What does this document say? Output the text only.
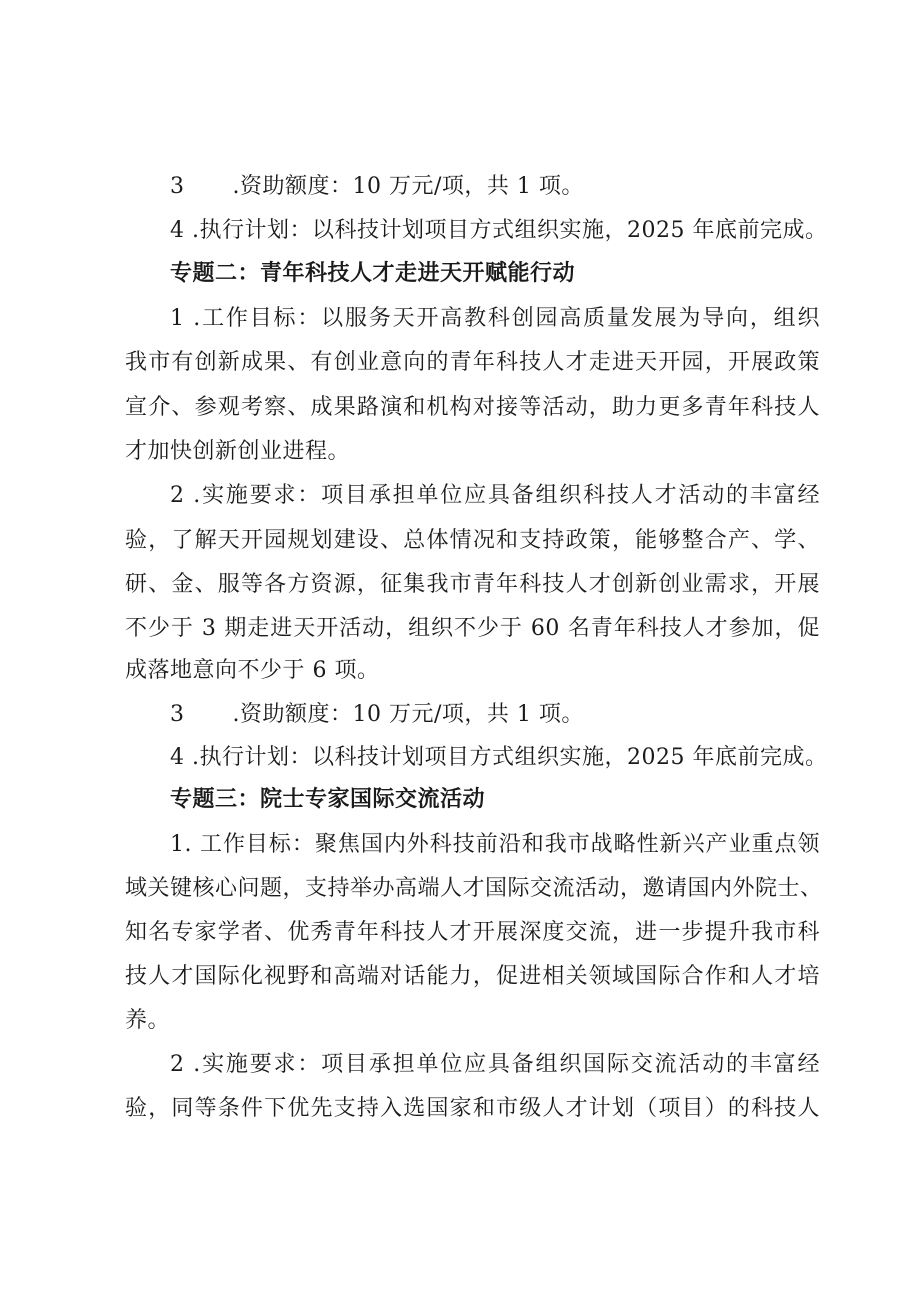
3 .资助额度：10 万元/项，共 1 项。
4 .执行计划：以科技计划项目方式组织实施，2025 年底前完成。
专题二：青年科技人才走进天开赋能行动
1 .工作目标：以服务天开高教科创园高质量发展为导向，组织
我市有创新成果、有创业意向的青年科技人才走进天开园，开展政策
宣介、参观考察、成果路演和机构对接等活动，助力更多青年科技人
才加快创新创业进程。
2 .实施要求：项目承担单位应具备组织科技人才活动的丰富经
验，了解天开园规划建设、总体情况和支持政策，能够整合产、学、
研、金、服等各方资源，征集我市青年科技人才创新创业需求，开展
不少于 3 期走进天开活动，组织不少于 60 名青年科技人才参加，促
成落地意向不少于 6 项。
3 .资助额度：10 万元/项，共 1 项。
4 .执行计划：以科技计划项目方式组织实施，2025 年底前完成。
专题三：院士专家国际交流活动
1. 工作目标：聚焦国内外科技前沿和我市战略性新兴产业重点领
域关键核心问题，支持举办高端人才国际交流活动，邀请国内外院士、
知名专家学者、优秀青年科技人才开展深度交流，进一步提升我市科
技人才国际化视野和高端对话能力，促进相关领域国际合作和人才培
养。
2 .实施要求：项目承担单位应具备组织国际交流活动的丰富经
验，同等条件下优先支持入选国家和市级人才计划（项目）的科技人
